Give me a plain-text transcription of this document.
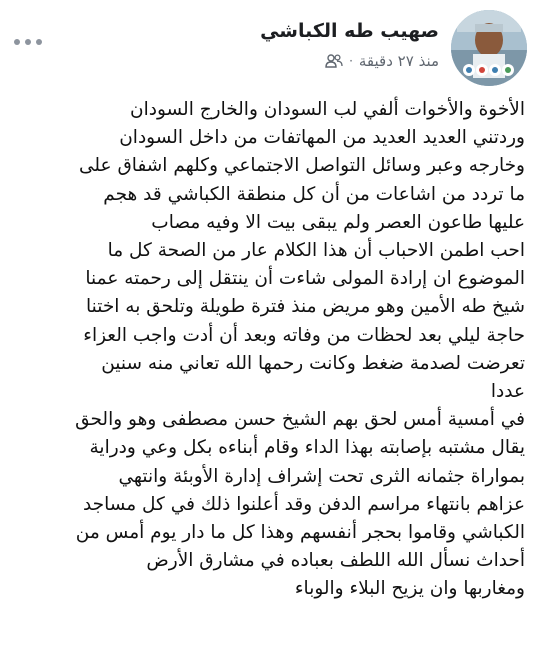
صهيب طه الكباشي
منذ ٢٧ دقيقة
·
الأخوة والأخوات ألفي لب السودان والخارج السودان
وردتني العديد العديد من المهاتفات من داخل السودان
وخارجه وعبر وسائل التواصل الاجتماعي وكلهم اشفاق على
ما تردد من اشاعات من أن كل منطقة الكباشي قد هجم
عليها طاعون العصر ولم يبقى بيت الا وفيه مصاب
احب اطمن الاحباب أن هذا الكلام عار من الصحة كل ما
الموضوع ان إرادة المولى شاءت أن ينتقل إلى رحمته عمنا
شيخ طه الأمين وهو مريض منذ فترة طويلة وتلحق به اختنا
حاجة ليلي بعد لحظات من وفاته وبعد أن أدت واجب العزاء
تعرضت لصدمة ضغط وكانت رحمها الله تعاني منه سنين
عددا
في أمسية أمس لحق بهم الشيخ حسن مصطفى وهو والحق
يقال مشتبه بإصابته بهذا الداء وقام أبناءه بكل وعي ودراية
بمواراة جثمانه الثرى تحت إشراف إدارة الأوبئة وانتهي
عزاهم بانتهاء مراسم الدفن وقد أعلنوا ذلك في كل مساجد
الكباشي وقاموا بحجر أنفسهم وهذا كل ما دار يوم أمس من
أحداث نسأل الله اللطف بعباده في مشارق الأرض
ومغاربها وان يزيح البلاء والوباء
